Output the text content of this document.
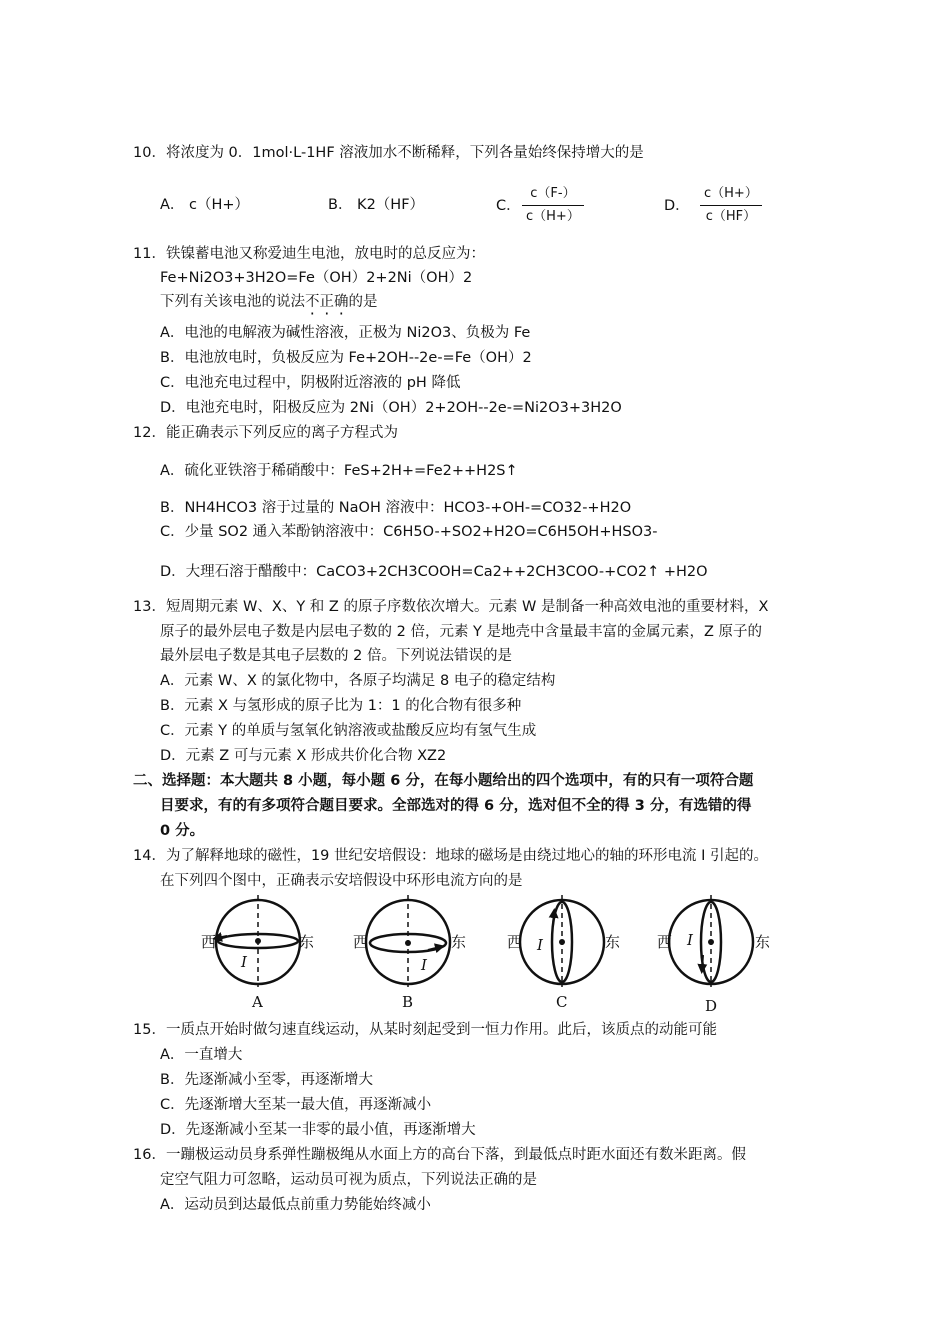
10．将浓度为 0．1mol·L-1HF 溶液加水不断稀释，下列各量始终保持增大的是
A． c（H+）	B． K2（HF）	C．
c（F-）
c（H+）
D．
c（H+）
c（HF）
11．铁镍蓄电池又称爱迪生电池，放电时的总反应为：
Fe+Ni2O3+3H2O=Fe（OH）2+2Ni（OH）2
下列有关该电池的说法不正确的是
A．电池的电解液为碱性溶液，正极为 Ni2O3、负极为 Fe
B．电池放电时，负极反应为 Fe+2OH--2e-=Fe（OH）2
C．电池充电过程中，阴极附近溶液的 pH 降低
D．电池充电时，阳极反应为 2Ni（OH）2+2OH--2e-=Ni2O3+3H2O
12．能正确表示下列反应的离子方程式为
A．硫化亚铁溶于稀硝酸中：FeS+2H+=Fe2++H2S↑
B．NH4HCO3 溶于过量的 NaOH 溶液中：HCO3-+OH-=CO32-+H2O
C．少量 SO2 通入苯酚钠溶液中：C6H5O-+SO2+H2O=C6H5OH+HSO3-
D．大理石溶于醋酸中：CaCO3+2CH3COOH=Ca2++2CH3COO-+CO2↑ +H2O
13．短周期元素 W、X、Y 和 Z 的原子序数依次增大。元素 W 是制备一种高效电池的重要材料，X
原子的最外层电子数是内层电子数的 2 倍，元素 Y 是地壳中含量最丰富的金属元素，Z 原子的
最外层电子数是其电子层数的 2 倍。下列说法错误的是
A．元素 W、X 的氯化物中，各原子均满足 8 电子的稳定结构
B．元素 X 与氢形成的原子比为 1：1 的化合物有很多种
C．元素 Y 的单质与氢氧化钠溶液或盐酸反应均有氢气生成
D．元素 Z 可与元素 X 形成共价化合物 XZ2
二、选择题：本大题共 8 小题，每小题 6 分，在每小题给出的四个选项中，有的只有一项符合题
目要求，有的有多项符合题目要求。全部选对的得 6 分，选对但不全的得 3 分，有选错的得
0 分。
14．为了解释地球的磁性，19 世纪安培假设：地球的磁场是由绕过地心的轴的环形电流 I 引起的。
在下列四个图中，正确表示安培假设中环形电流方向的是
西	东
I
A
西	东
I
B
西	东
I
C
西	东
I
D
15．一质点开始时做匀速直线运动，从某时刻起受到一恒力作用。此后，该质点的动能可能
A．一直增大
B．先逐渐减小至零，再逐渐增大
C．先逐渐增大至某一最大值，再逐渐减小
D．先逐渐减小至某一非零的最小值，再逐渐增大
16．一蹦极运动员身系弹性蹦极绳从水面上方的高台下落，到最低点时距水面还有数米距离。假
定空气阻力可忽略，运动员可视为质点，下列说法正确的是
A．运动员到达最低点前重力势能始终减小
